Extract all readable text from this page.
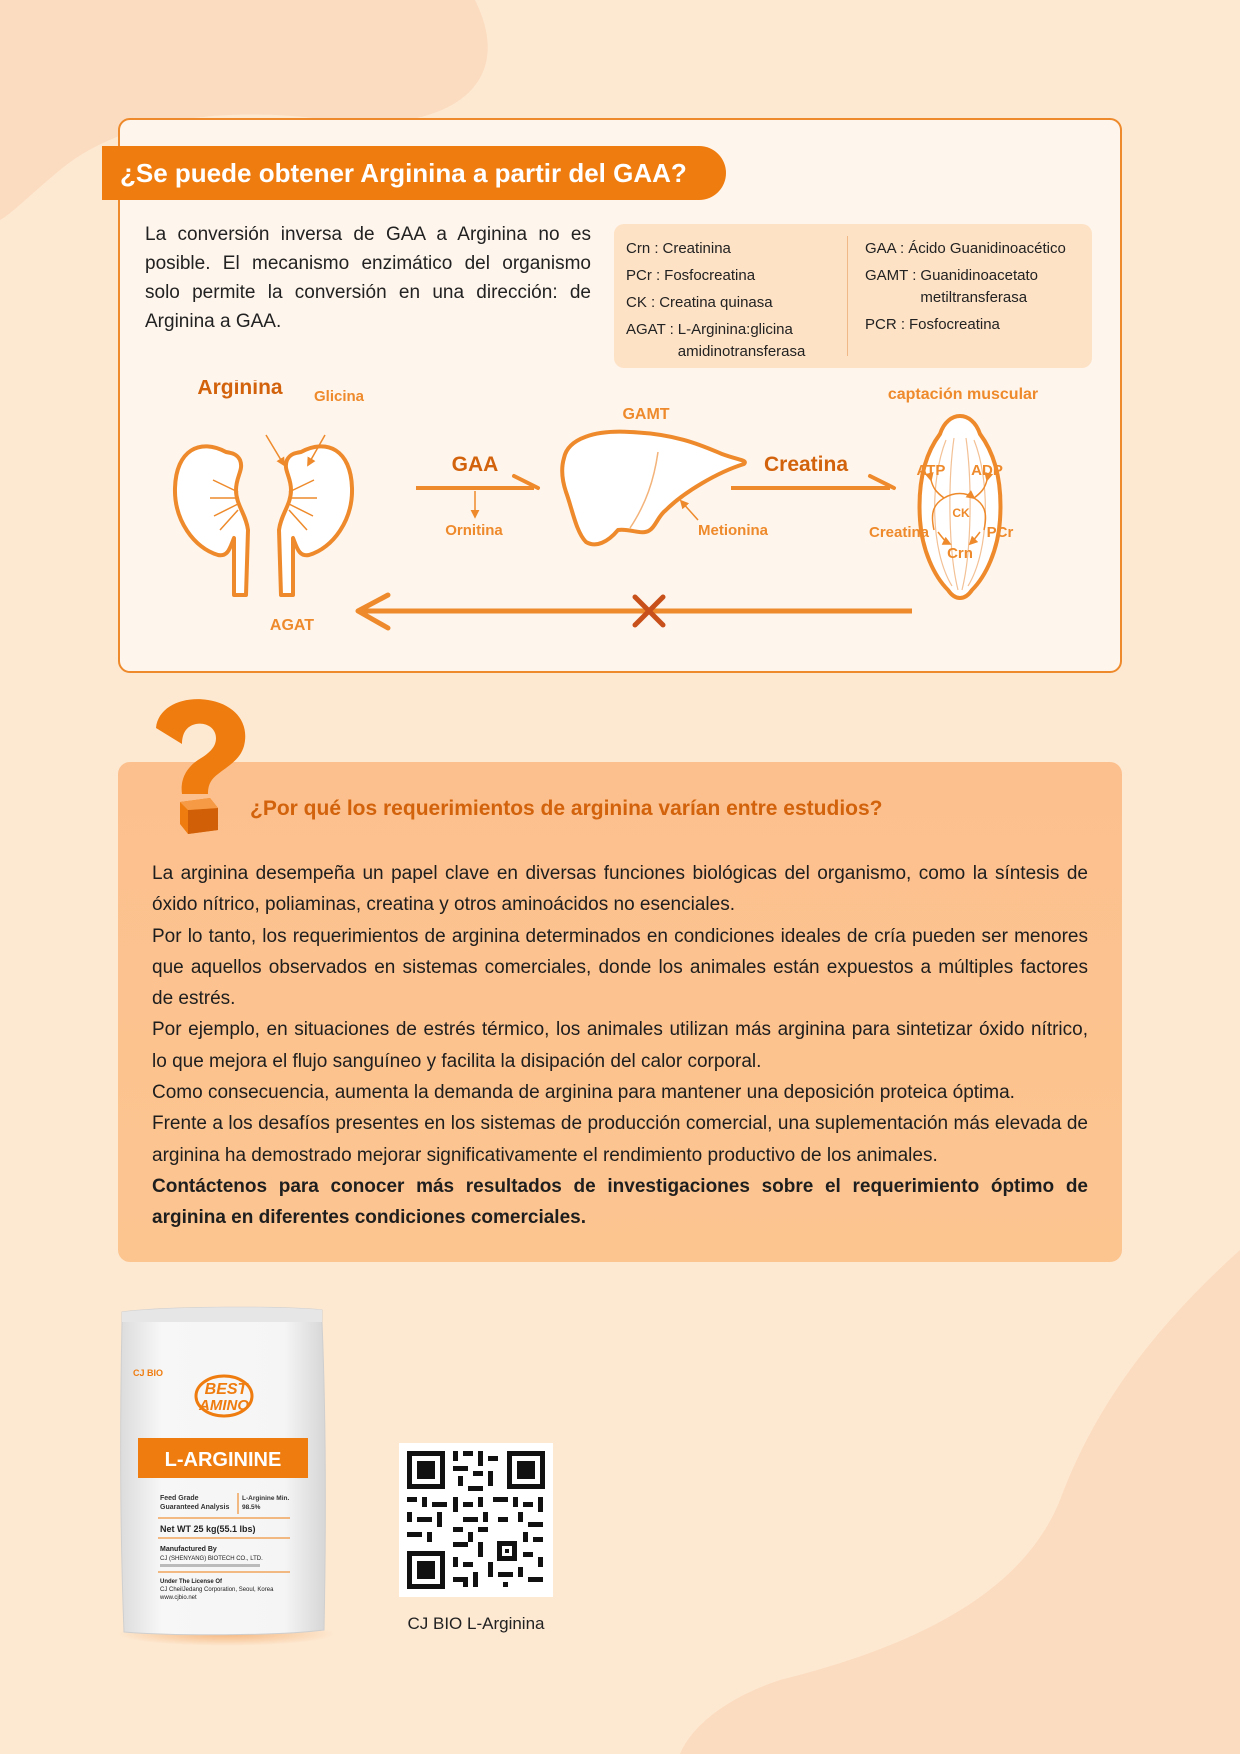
¿Se puede obtener Arginina a partir del GAA?

La conversión inversa de GAA a Arginina no es posible. El mecanismo enzimático del organismo solo permite la conversión en una dirección: de Arginina a GAA.

Crn : Creatinina
PCr : Fosfocreatina
CK : Creatina quinasa
AGAT : L-Arginina:glicina amidinotransferasa
GAA : Ácido Guanidinoacético
GAMT : Guanidinoacetato metiltransferasa
PCR : Fosfocreatina
Arginina Glicina
AGAT
GAA
Ornitina
GAMT
Metionina
Creatina
captación muscular
ATP ADP
CK
Creatina	PCr
Crn
¿Por qué los requerimientos de arginina varían entre estudios?

La arginina desempeña un papel clave en diversas funciones biológicas del organismo, como la síntesis de óxido nítrico, poliaminas, creatina y otros aminoácidos no esenciales.

Por lo tanto, los requerimientos de arginina determinados en condiciones ideales de cría pueden ser menores que aquellos observados en sistemas comerciales, donde los animales están expuestos a múltiples factores de estrés.

Por ejemplo, en situaciones de estrés térmico, los animales utilizan más arginina para sintetizar óxido nítrico, lo que mejora el flujo sanguíneo y facilita la disipación del calor corporal.

Como consecuencia, aumenta la demanda de arginina para mantener una deposición proteica óptima.

Frente a los desafíos presentes en los sistemas de producción comercial, una suplementación más elevada de arginina ha demostrado mejorar significativamente el rendimiento productivo de los animales.

Contáctenos para conocer más resultados de investigaciones sobre el requerimiento óptimo de arginina en diferentes condiciones comerciales.

CJ BIO
BEST
AMINO
L-ARGININE
Feed Grade
Guaranteed Analysis
L-Arginine Min.
98.5%
Net WT 25 kg(55.1 lbs)
Manufactured By
CJ (SHENYANG) BIOTECH CO., LTD.
Under The License Of
CJ CheilJedang Corporation, Seoul, Korea
www.cjbio.net
CJ BIO L-Arginina
